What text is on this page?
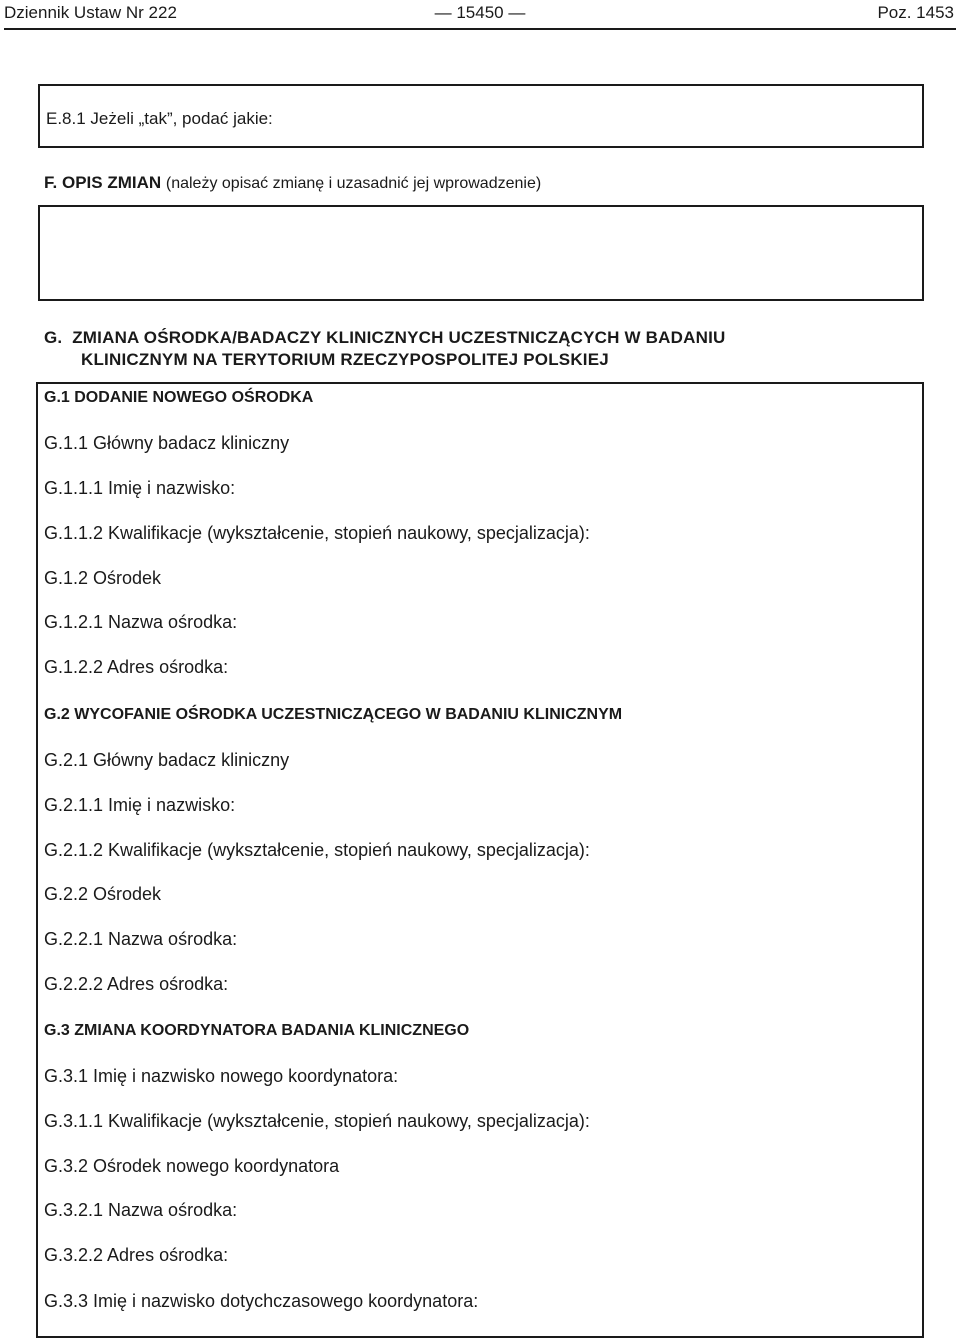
Dziennik Ustaw Nr 222	— 15450 —	Poz. 1453
E.8.1 Jeżeli „tak”, podać jakie:
F. OPIS ZMIAN (należy opisać zmianę i uzasadnić jej wprowadzenie)
G. ZMIANA OŚRODKA/BADACZY KLINICZNYCH UCZESTNICZĄCYCH W BADANIU
KLINICZNYM NA TERYTORIUM RZECZYPOSPOLITEJ POLSKIEJ
G.1 DODANIE NOWEGO OŚRODKA
G.1.1 Główny badacz kliniczny
G.1.1.1 Imię i nazwisko:
G.1.1.2 Kwalifikacje (wykształcenie, stopień naukowy, specjalizacja):
G.1.2 Ośrodek
G.1.2.1 Nazwa ośrodka:
G.1.2.2 Adres ośrodka:
G.2 WYCOFANIE OŚRODKA UCZESTNICZĄCEGO W BADANIU KLINICZNYM
G.2.1 Główny badacz kliniczny
G.2.1.1 Imię i nazwisko:
G.2.1.2 Kwalifikacje (wykształcenie, stopień naukowy, specjalizacja):
G.2.2 Ośrodek
G.2.2.1 Nazwa ośrodka:
G.2.2.2 Adres ośrodka:
G.3 ZMIANA KOORDYNATORA BADANIA KLINICZNEGO
G.3.1 Imię i nazwisko nowego koordynatora:
G.3.1.1 Kwalifikacje (wykształcenie, stopień naukowy, specjalizacja):
G.3.2 Ośrodek nowego koordynatora
G.3.2.1 Nazwa ośrodka:
G.3.2.2 Adres ośrodka:
G.3.3 Imię i nazwisko dotychczasowego koordynatora:
